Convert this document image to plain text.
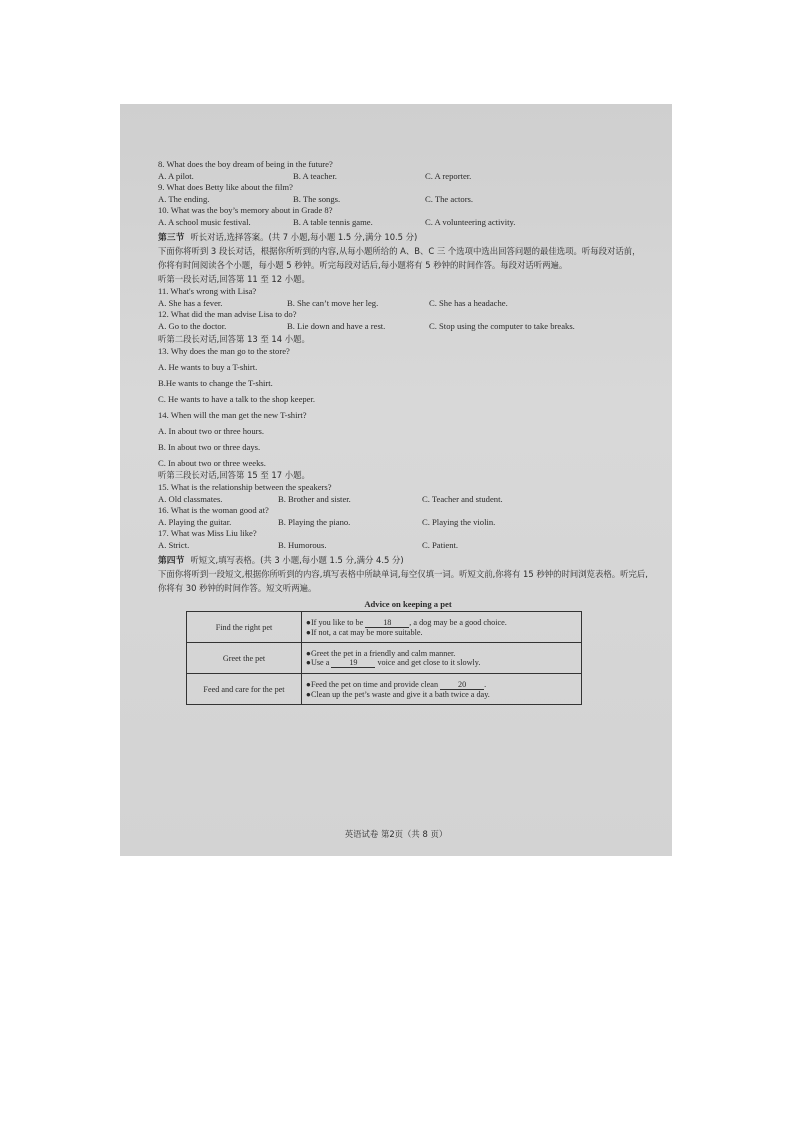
8. What does the boy dream of being in the future?
A. A pilot.	B. A teacher.	C. A reporter.
9. What does Betty like about the film?
A. The ending.	B. The songs.	C. The actors.
10. What was the boy’s memory about in Grade 8?
A. A school music festival.	B. A table tennis game.	C. A volunteering activity.
第三节 听长对话,选择答案。(共 7 小题,每小题 1.5 分,满分 10.5 分)
下面你将听到 3 段长对话，根据你所听到的内容,从每小题所给的 A、B、C 三 个选项中选出回答问题的最佳选项。听每段对话前，你将有时间阅读各个小题，每小题 5 秒钟。听完每段对话后,每小题将有 5 秒钟的时间作答。每段对话听两遍。
听第一段长对话,回答第 11 至 12 小题。
11. What's wrong with Lisa?
A. She has a fever.	B. She can’t move her leg.	C. She has a headache.
12. What did the man advise Lisa to do?
A. Go to the doctor.	B. Lie down and have a rest.	C. Stop using the computer to take breaks.
听第二段长对话,回答第 13 至 14 小题。
13. Why does the man go to the store?
A. He wants to buy a T-shirt.
B.He wants to change the T-shirt.
C. He wants to have a talk to the shop keeper.
14. When will the man get the new T-shirt?
A. In about two or three hours.
B. In about two or three days.
C. In about two or three weeks.
听第三段长对话,回答第 15 至 17 小题。
15. What is the relationship between the speakers?
A. Old classmates.	B. Brother and sister.	C. Teacher and student.
16. What is the woman good at?
A. Playing the guitar.	B. Playing the piano.	C. Playing the violin.
17. What was Miss Liu like?
A. Strict.	B. Humorous.	C. Patient.
第四节 听短文,填写表格。(共 3 小题,每小题 1.5 分,满分 4.5 分)
下面你将听到一段短文,根据你所听到的内容,填写表格中所缺单词,每空仅填一词。听短文前,你将有 15 秒钟的时间浏览表格。听完后,你将有 30 秒钟的时间作答。短文听两遍。
Advice on keeping a pet
Find the right pet	●If you like to be 18 , a dog may be a good choice.
●If not, a cat may be more suitable.

Greet the pet	●Greet the pet in a friendly and calm manner.
●Use a 19 voice and get close to it slowly.

Feed and care for the pet	●Feed the pet on time and provide clean 20 .
●Clean up the pet’s waste and give it a bath twice a day.
英语试卷 第2页（共 8 页）
